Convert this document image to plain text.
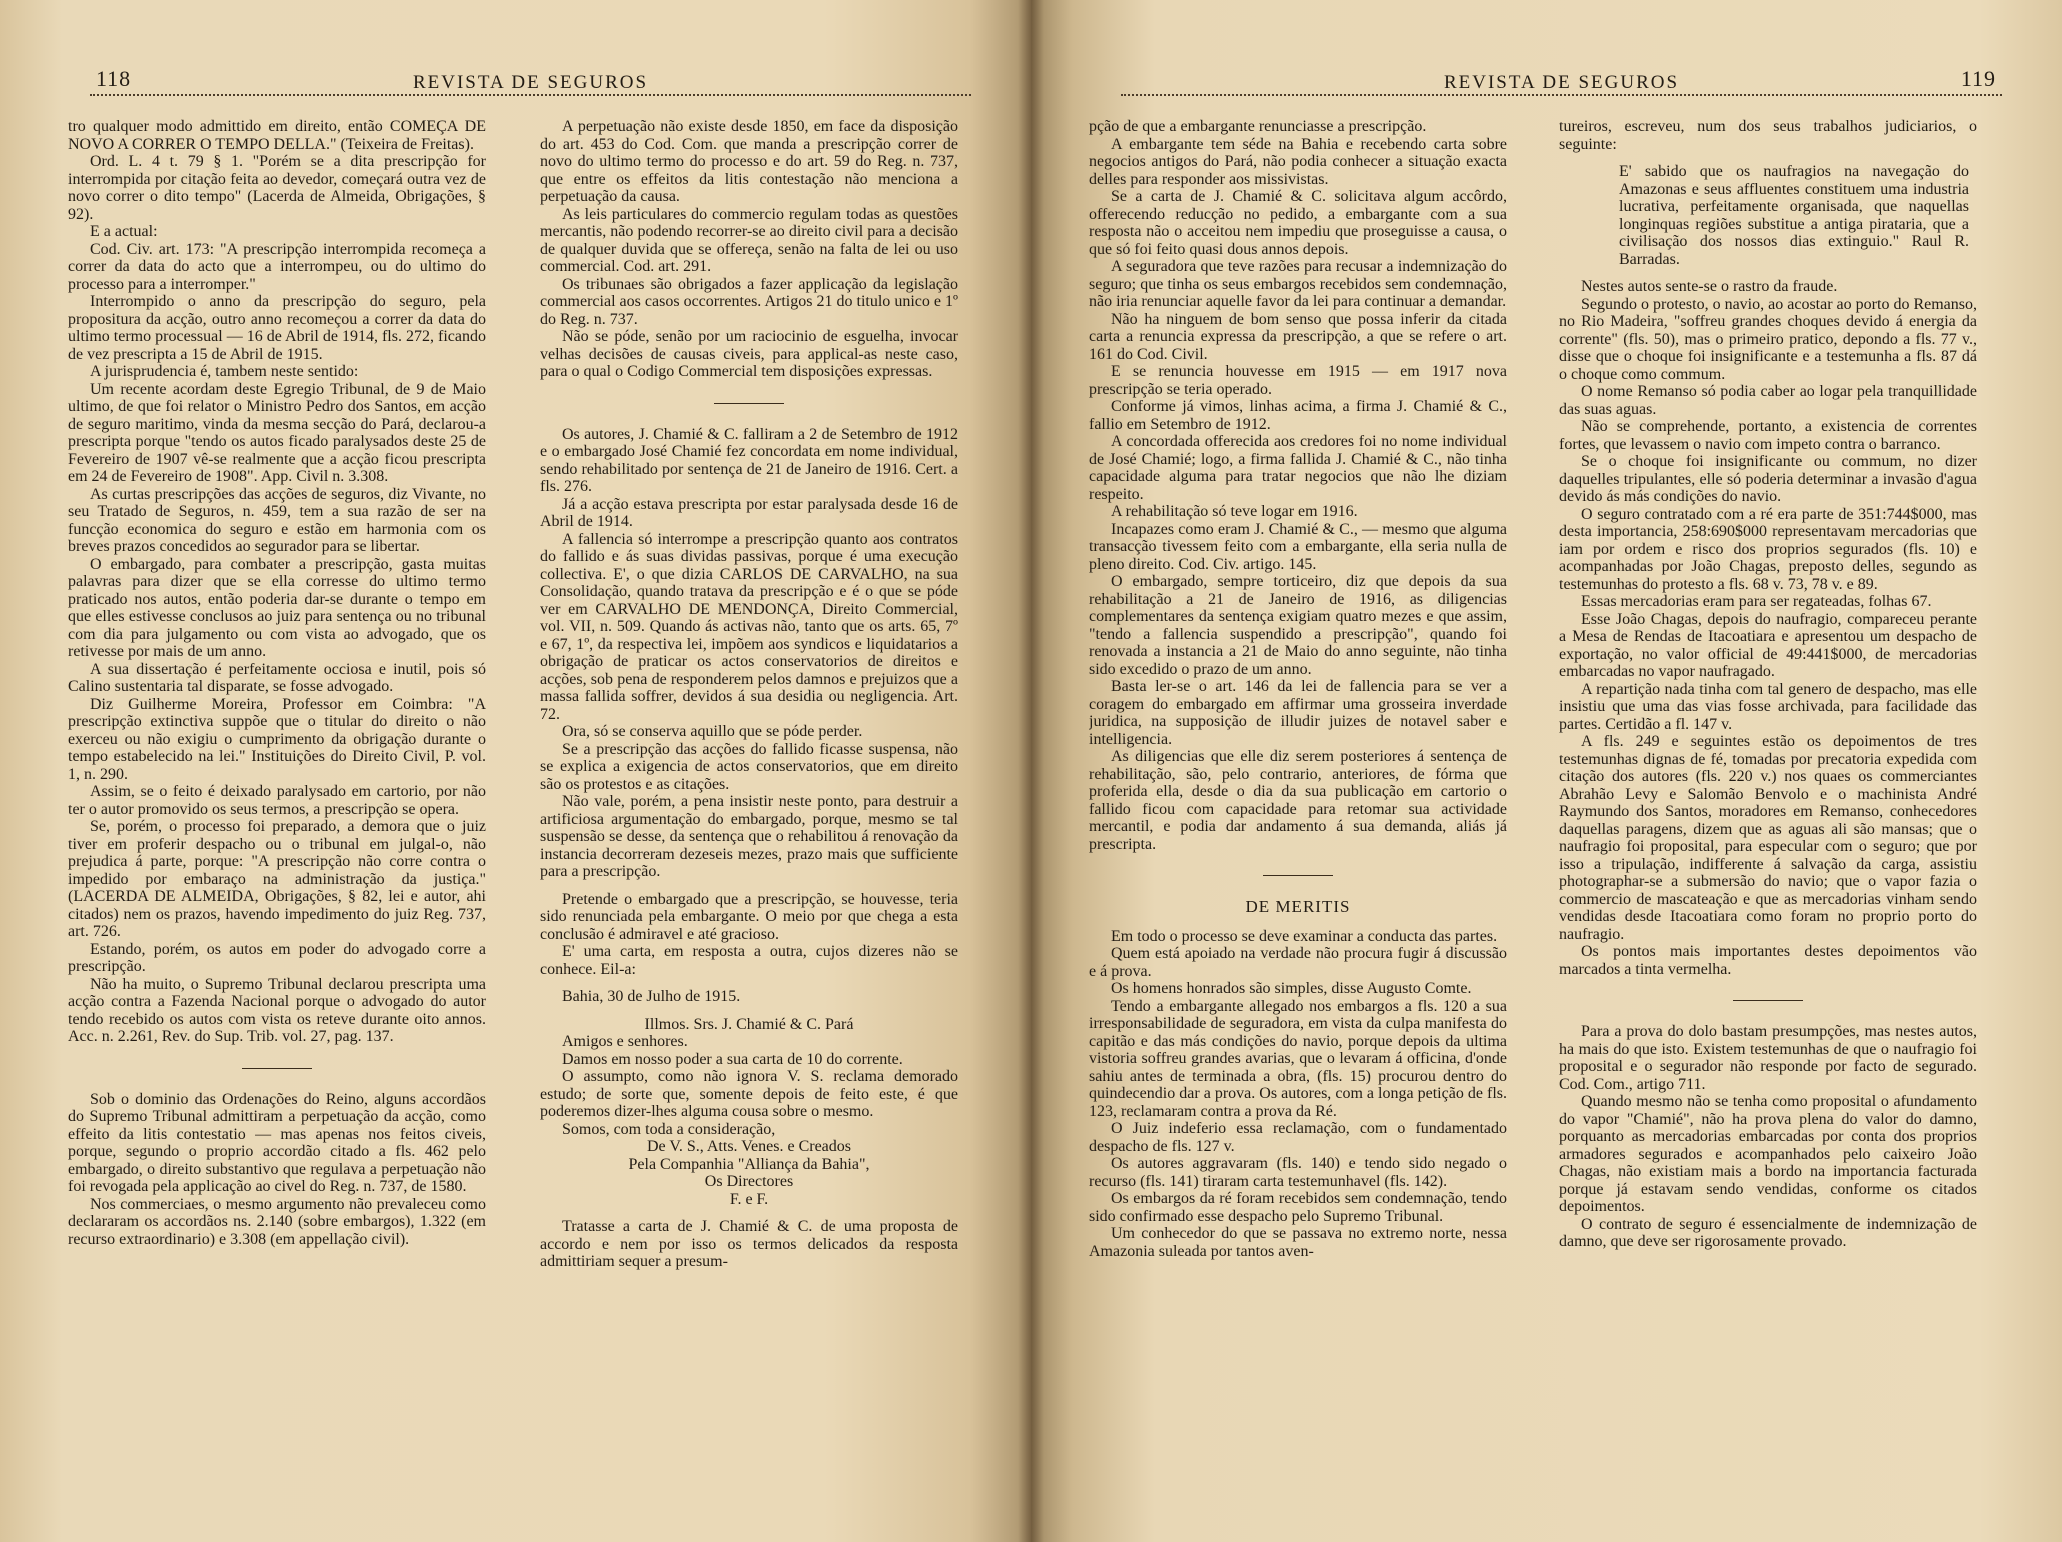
118	REVISTA DE SEGUROS

tro qualquer modo admittido em direito, então COMEÇA DE NOVO A CORRER O TEMPO DELLA." (Teixeira de Freitas).

Ord. L. 4 t. 79 § 1. "Porém se a dita prescripção for interrompida por citação feita ao devedor, começará outra vez de novo correr o dito tempo" (Lacerda de Almeida, Obrigações, § 92).

E a actual:

Cod. Civ. art. 173: "A prescripção interrompida recomeça a correr da data do acto que a interrompeu, ou do ultimo do processo para a interromper."

Interrompido o anno da prescripção do seguro, pela propositura da acção, outro anno recomeçou a correr da data do ultimo termo processual — 16 de Abril de 1914, fls. 272, ficando de vez prescripta a 15 de Abril de 1915.

A jurisprudencia é, tambem neste sentido:

Um recente acordam deste Egregio Tribunal, de 9 de Maio ultimo, de que foi relator o Ministro Pedro dos Santos, em acção de seguro maritimo, vinda da mesma secção do Pará, declarou-a prescripta porque "tendo os autos ficado paralysados deste 25 de Fevereiro de 1907 vê-se realmente que a acção ficou prescripta em 24 de Fevereiro de 1908". App. Civil n. 3.308.

As curtas prescripções das acções de seguros, diz Vivante, no seu Tratado de Seguros, n. 459, tem a sua razão de ser na funcção economica do seguro e estão em harmonia com os breves prazos concedidos ao segurador para se libertar.

O embargado, para combater a prescripção, gasta muitas palavras para dizer que se ella corresse do ultimo termo praticado nos autos, então poderia dar-se durante o tempo em que elles estivesse conclusos ao juiz para sentença ou no tribunal com dia para julgamento ou com vista ao advogado, que os retivesse por mais de um anno.

A sua dissertação é perfeitamente occiosa e inutil, pois só Calino sustentaria tal disparate, se fosse advogado.

Diz Guilherme Moreira, Professor em Coimbra: "A prescripção extinctiva suppõe que o titular do direito o não exerceu ou não exigiu o cumprimento da obrigação durante o tempo estabelecido na lei." Instituições do Direito Civil, P. vol. 1, n. 290.

Assim, se o feito é deixado paralysado em cartorio, por não ter o autor promovido os seus termos, a prescripção se opera.

Se, porém, o processo foi preparado, a demora que o juiz tiver em proferir despacho ou o tribunal em julgal-o, não prejudica á parte, porque: "A prescripção não corre contra o impedido por embaraço na administração da justiça." (LACERDA DE ALMEIDA, Obrigações, § 82, lei e autor, ahi citados) nem os prazos, havendo impedimento do juiz Reg. 737, art. 726.

Estando, porém, os autos em poder do advogado corre a prescripção.

Não ha muito, o Supremo Tribunal declarou prescripta uma acção contra a Fazenda Nacional porque o advogado do autor tendo recebido os autos com vista os reteve durante oito annos. Acc. n. 2.261, Rev. do Sup. Trib. vol. 27, pag. 137.

Sob o dominio das Ordenações do Reino, alguns accordãos do Supremo Tribunal admittiram a perpetuação da acção, como effeito da litis contestatio — mas apenas nos feitos civeis, porque, segundo o proprio accordão citado a fls. 462 pelo embargado, o direito substantivo que regulava a perpetuação não foi revogada pela applicação ao civel do Reg. n. 737, de 1580.

Nos commerciaes, o mesmo argumento não prevaleceu como declararam os accordãos ns. 2.140 (sobre embargos), 1.322 (em recurso extraordinario) e 3.308 (em appellação civil).

A perpetuação não existe desde 1850, em face da disposição do art. 453 do Cod. Com. que manda a prescripção correr de novo do ultimo termo do processo e do art. 59 do Reg. n. 737, que entre os effeitos da litis contestação não menciona a perpetuação da causa.

As leis particulares do commercio regulam todas as questões mercantis, não podendo recorrer-se ao direito civil para a decisão de qualquer duvida que se offereça, senão na falta de lei ou uso commercial. Cod. art. 291.

Os tribunaes são obrigados a fazer applicação da legislação commercial aos casos occorrentes. Artigos 21 do titulo unico e 1º do Reg. n. 737.

Não se póde, senão por um raciocinio de esguelha, invocar velhas decisões de causas civeis, para applical-as neste caso, para o qual o Codigo Commercial tem disposições expressas.

Os autores, J. Chamié & C. falliram a 2 de Setembro de 1912 e o embargado José Chamié fez concordata em nome individual, sendo rehabilitado por sentença de 21 de Janeiro de 1916. Cert. a fls. 276.

Já a acção estava prescripta por estar paralysada desde 16 de Abril de 1914.

A fallencia só interrompe a prescripção quanto aos contratos do fallido e ás suas dividas passivas, porque é uma execução collectiva. E', o que dizia CARLOS DE CARVALHO, na sua Consolidação, quando tratava da prescripção e é o que se póde ver em CARVALHO DE MENDONÇA, Direito Commercial, vol. VII, n. 509. Quando ás activas não, tanto que os arts. 65, 7º e 67, 1º, da respectiva lei, impõem aos syndicos e liquidatarios a obrigação de praticar os actos conservatorios de direitos e acções, sob pena de responderem pelos damnos e prejuizos que a massa fallida soffrer, devidos á sua desidia ou negligencia. Art. 72.

Ora, só se conserva aquillo que se póde perder.

Se a prescripção das acções do fallido ficasse suspensa, não se explica a exigencia de actos conservatorios, que em direito são os protestos e as citações.

Não vale, porém, a pena insistir neste ponto, para destruir a artificiosa argumentação do embargado, porque, mesmo se tal suspensão se desse, da sentença que o rehabilitou á renovação da instancia decorreram dezeseis mezes, prazo mais que sufficiente para a prescripção.

Pretende o embargado que a prescripção, se houvesse, teria sido renunciada pela embargante. O meio por que chega a esta conclusão é admiravel e até gracioso.

E' uma carta, em resposta a outra, cujos dizeres não se conhece. Eil-a:

Bahia, 30 de Julho de 1915.

Illmos. Srs. J. Chamié & C. Pará

Amigos e senhores.

Damos em nosso poder a sua carta de 10 do corrente.

O assumpto, como não ignora V. S. reclama demorado estudo; de sorte que, somente depois de feito este, é que poderemos dizer-lhes alguma cousa sobre o mesmo.

Somos, com toda a consideração,

De V. S., Atts. Venes. e Creados

Pela Companhia "Alliança da Bahia",

Os Directores

F. e F.

Tratasse a carta de J. Chamié & C. de uma proposta de accordo e nem por isso os termos delicados da resposta admittiriam sequer a presum-

REVISTA DE SEGUROS	119

pção de que a embargante renunciasse a prescripção.

A embargante tem séde na Bahia e recebendo carta sobre negocios antigos do Pará, não podia conhecer a situação exacta delles para responder aos missivistas.

Se a carta de J. Chamié & C. solicitava algum accôrdo, offerecendo reducção no pedido, a embargante com a sua resposta não o acceitou nem impediu que proseguisse a causa, o que só foi feito quasi dous annos depois.

A seguradora que teve razões para recusar a indemnização do seguro; que tinha os seus embargos recebidos sem condemnação, não iria renunciar aquelle favor da lei para continuar a demandar.

Não ha ninguem de bom senso que possa inferir da citada carta a renuncia expressa da prescripção, a que se refere o art. 161 do Cod. Civil.

E se renuncia houvesse em 1915 — em 1917 nova prescripção se teria operado.

Conforme já vimos, linhas acima, a firma J. Chamié & C., fallio em Setembro de 1912.

A concordada offerecida aos credores foi no nome individual de José Chamié; logo, a firma fallida J. Chamié & C., não tinha capacidade alguma para tratar negocios que não lhe diziam respeito.

A rehabilitação só teve logar em 1916.

Incapazes como eram J. Chamié & C., — mesmo que alguma transacção tivessem feito com a embargante, ella seria nulla de pleno direito. Cod. Civ. artigo. 145.

O embargado, sempre torticeiro, diz que depois da sua rehabilitação a 21 de Janeiro de 1916, as diligencias complementares da sentença exigiam quatro mezes e que assim, "tendo a fallencia suspendido a prescripção", quando foi renovada a instancia a 21 de Maio do anno seguinte, não tinha sido excedido o prazo de um anno.

Basta ler-se o art. 146 da lei de fallencia para se ver a coragem do embargado em affirmar uma grosseira inverdade juridica, na supposição de illudir juizes de notavel saber e intelligencia.

As diligencias que elle diz serem posteriores á sentença de rehabilitação, são, pelo contrario, anteriores, de fórma que proferida ella, desde o dia da sua publicação em cartorio o fallido ficou com capacidade para retomar sua actividade mercantil, e podia dar andamento á sua demanda, aliás já prescripta.

DE MERITIS

Em todo o processo se deve examinar a conducta das partes.

Quem está apoiado na verdade não procura fugir á discussão e á prova.

Os homens honrados são simples, disse Augusto Comte.

Tendo a embargante allegado nos embargos a fls. 120 a sua irresponsabilidade de seguradora, em vista da culpa manifesta do capitão e das más condições do navio, porque depois da ultima vistoria soffreu grandes avarias, que o levaram á officina, d'onde sahiu antes de terminada a obra, (fls. 15) procurou dentro do quindecendio dar a prova. Os autores, com a longa petição de fls. 123, reclamaram contra a prova da Ré.

O Juiz indeferio essa reclamação, com o fundamentado despacho de fls. 127 v.

Os autores aggravaram (fls. 140) e tendo sido negado o recurso (fls. 141) tiraram carta testemunhavel (fls. 142).

Os embargos da ré foram recebidos sem condemnação, tendo sido confirmado esse despacho pelo Supremo Tribunal.

Um conhecedor do que se passava no extremo norte, nessa Amazonia suleada por tantos aven-

tureiros, escreveu, num dos seus trabalhos judiciarios, o seguinte:

E' sabido que os naufragios na navegação do Amazonas e seus affluentes constituem uma industria lucrativa, perfeitamente organisada, que naquellas longinquas regiões substitue a antiga pirataria, que a civilisação dos nossos dias extinguio." Raul R. Barradas.

Nestes autos sente-se o rastro da fraude.

Segundo o protesto, o navio, ao acostar ao porto do Remanso, no Rio Madeira, "soffreu grandes choques devido á energia da corrente" (fls. 50), mas o primeiro pratico, depondo a fls. 77 v., disse que o choque foi insignificante e a testemunha a fls. 87 dá o choque como commum.

O nome Remanso só podia caber ao logar pela tranquillidade das suas aguas.

Não se comprehende, portanto, a existencia de correntes fortes, que levassem o navio com impeto contra o barranco.

Se o choque foi insignificante ou commum, no dizer daquelles tripulantes, elle só poderia determinar a invasão d'agua devido ás más condições do navio.

O seguro contratado com a ré era parte de 351:744$000, mas desta importancia, 258:690$000 representavam mercadorias que iam por ordem e risco dos proprios segurados (fls. 10) e acompanhadas por João Chagas, preposto delles, segundo as testemunhas do protesto a fls. 68 v. 73, 78 v. e 89.

Essas mercadorias eram para ser regateadas, folhas 67.

Esse João Chagas, depois do naufragio, compareceu perante a Mesa de Rendas de Itacoatiara e apresentou um despacho de exportação, no valor official de 49:441$000, de mercadorias embarcadas no vapor naufragado.

A repartição nada tinha com tal genero de despacho, mas elle insistiu que uma das vias fosse archivada, para facilidade das partes. Certidão a fl. 147 v.

A fls. 249 e seguintes estão os depoimentos de tres testemunhas dignas de fé, tomadas por precatoria expedida com citação dos autores (fls. 220 v.) nos quaes os commerciantes Abrahão Levy e Salomão Benvolo e o machinista André Raymundo dos Santos, moradores em Remanso, conhecedores daquellas paragens, dizem que as aguas ali são mansas; que o naufragio foi proposital, para especular com o seguro; que por isso a tripulação, indifferente á salvação da carga, assistiu photographar-se a submersão do navio; que o vapor fazia o commercio de mascateação e que as mercadorias vinham sendo vendidas desde Itacoatiara como foram no proprio porto do naufragio.

Os pontos mais importantes destes depoimentos vão marcados a tinta vermelha.

Para a prova do dolo bastam presumpções, mas nestes autos, ha mais do que isto. Existem testemunhas de que o naufragio foi proposital e o segurador não responde por facto de segurado. Cod. Com., artigo 711.

Quando mesmo não se tenha como proposital o afundamento do vapor "Chamié", não ha prova plena do valor do damno, porquanto as mercadorias embarcadas por conta dos proprios armadores segurados e acompanhados pelo caixeiro João Chagas, não existiam mais a bordo na importancia facturada porque já estavam sendo vendidas, conforme os citados depoimentos.

O contrato de seguro é essencialmente de indemnização de damno, que deve ser rigorosamente provado.
